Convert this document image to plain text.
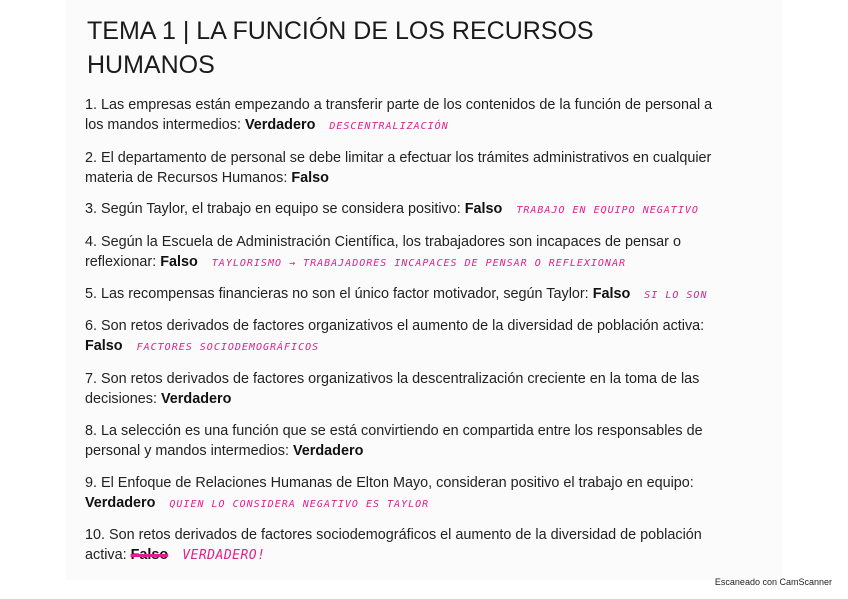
TEMA 1 | LA FUNCIÓN DE LOS RECURSOS HUMANOS
1. Las empresas están empezando a transferir parte de los contenidos de la función de personal a los mandos intermedios: Verdadero DESCENTRALIZACIÓN
2. El departamento de personal se debe limitar a efectuar los trámites administrativos en cualquier materia de Recursos Humanos: Falso
3. Según Taylor, el trabajo en equipo se considera positivo: Falso TRABAJO EN EQUIPO NEGATIVO
4. Según la Escuela de Administración Científica, los trabajadores son incapaces de pensar o reflexionar: Falso TAYLORISMO → TRABAJADORES INCAPACES DE PENSAR O REFLEXIONAR
5. Las recompensas financieras no son el único factor motivador, según Taylor: Falso SI LO SON
6. Son retos derivados de factores organizativos el aumento de la diversidad de población activa: Falso FACTORES SOCIODEMOGRÁFICOS
7. Son retos derivados de factores organizativos la descentralización creciente en la toma de las decisiones: Verdadero
8. La selección es una función que se está convirtiendo en compartida entre los responsables de personal y mandos intermedios: Verdadero
9. El Enfoque de Relaciones Humanas de Elton Mayo, consideran positivo el trabajo en equipo: Verdadero QUIEN LO CONSIDERA NEGATIVO ES TAYLOR
10. Son retos derivados de factores sociodemográficos el aumento de la diversidad de población activa: Falso VERDADERO!
Escaneado con CamScanner
